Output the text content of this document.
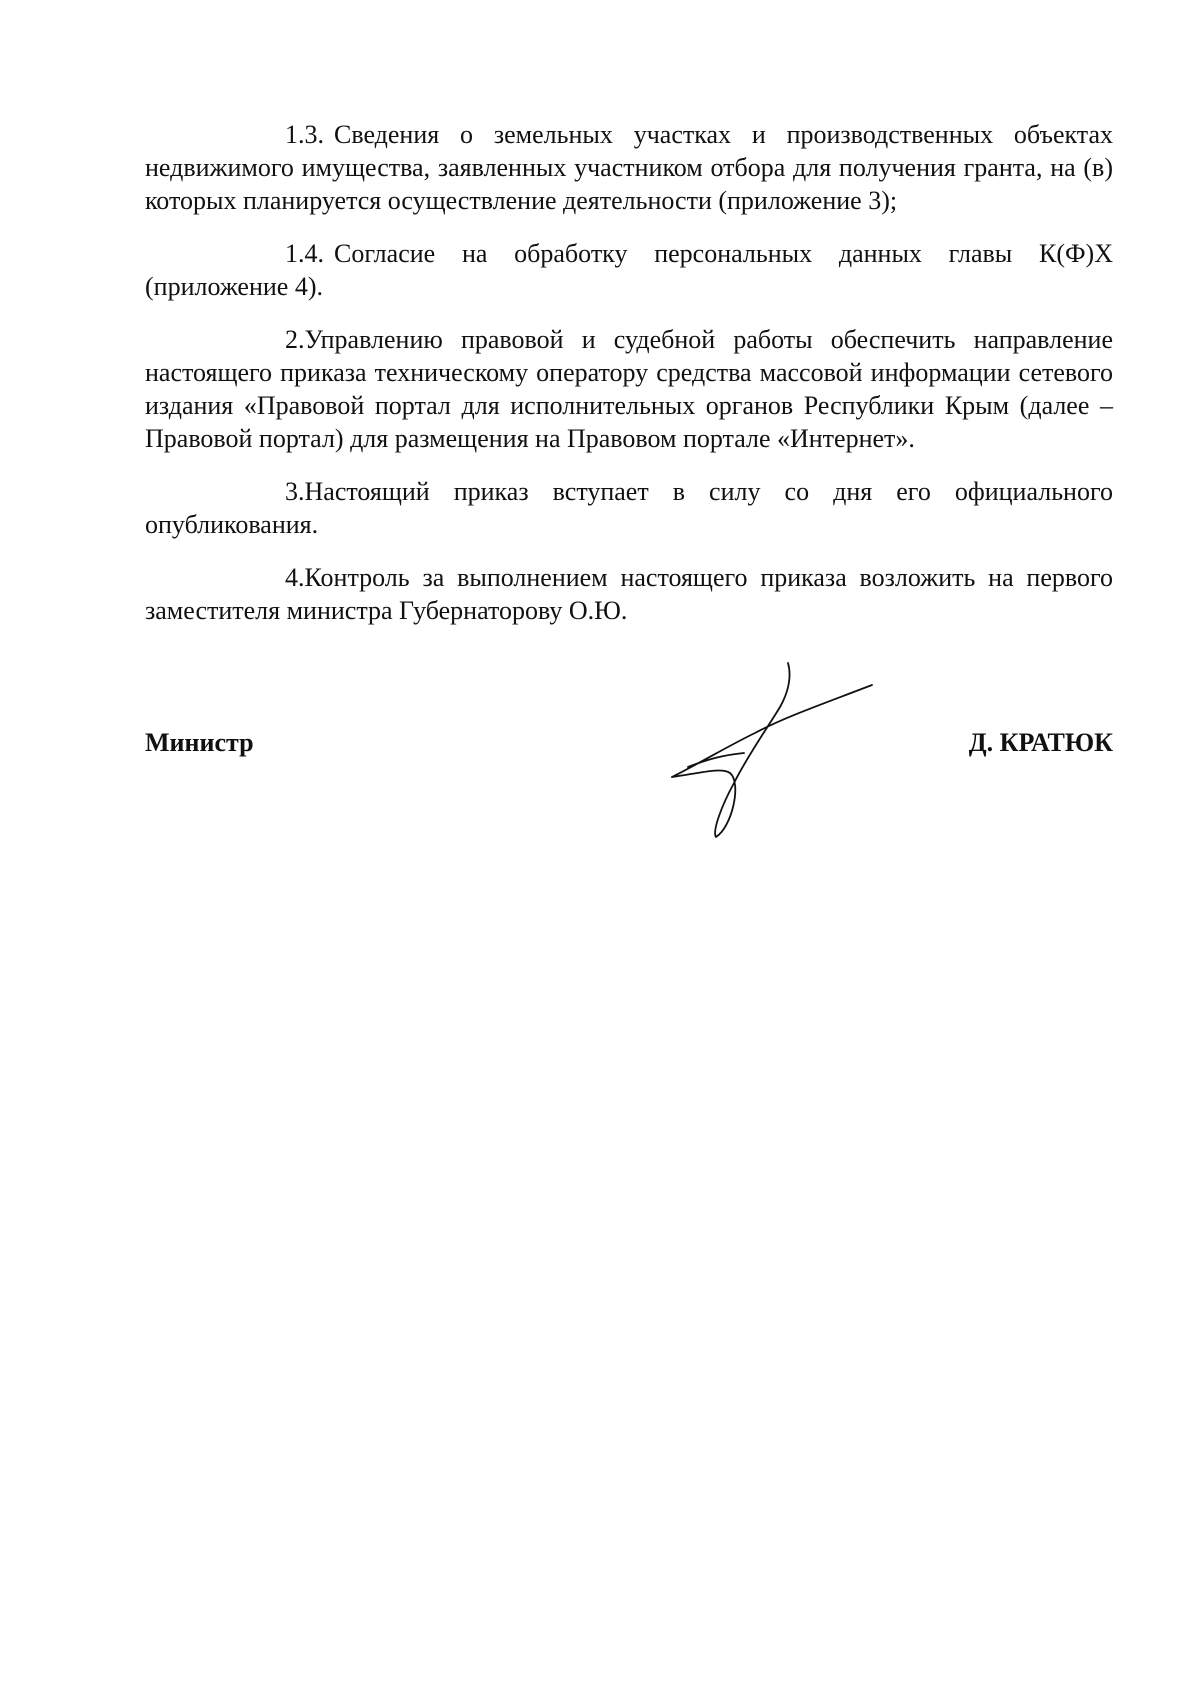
1.3. Сведения о земельных участках и производственных объектах недвижимого имущества, заявленных участником отбора для получения гранта, на (в) которых планируется осуществление деятельности (приложение 3);

1.4. Согласие на обработку персональных данных главы К(Ф)Х (приложение 4).

2.Управлению правовой и судебной работы обеспечить направление настоящего приказа техническому оператору средства массовой информации сетевого издания «Правовой портал для исполнительных органов Республики Крым (далее – Правовой портал) для размещения на Правовом портале «Интернет».

3.Настоящий приказ вступает в силу со дня его официального опубликования.

4.Контроль за выполнением настоящего приказа возложить на первого заместителя министра Губернаторову О.Ю.

Министр	Д. КРАТЮК
